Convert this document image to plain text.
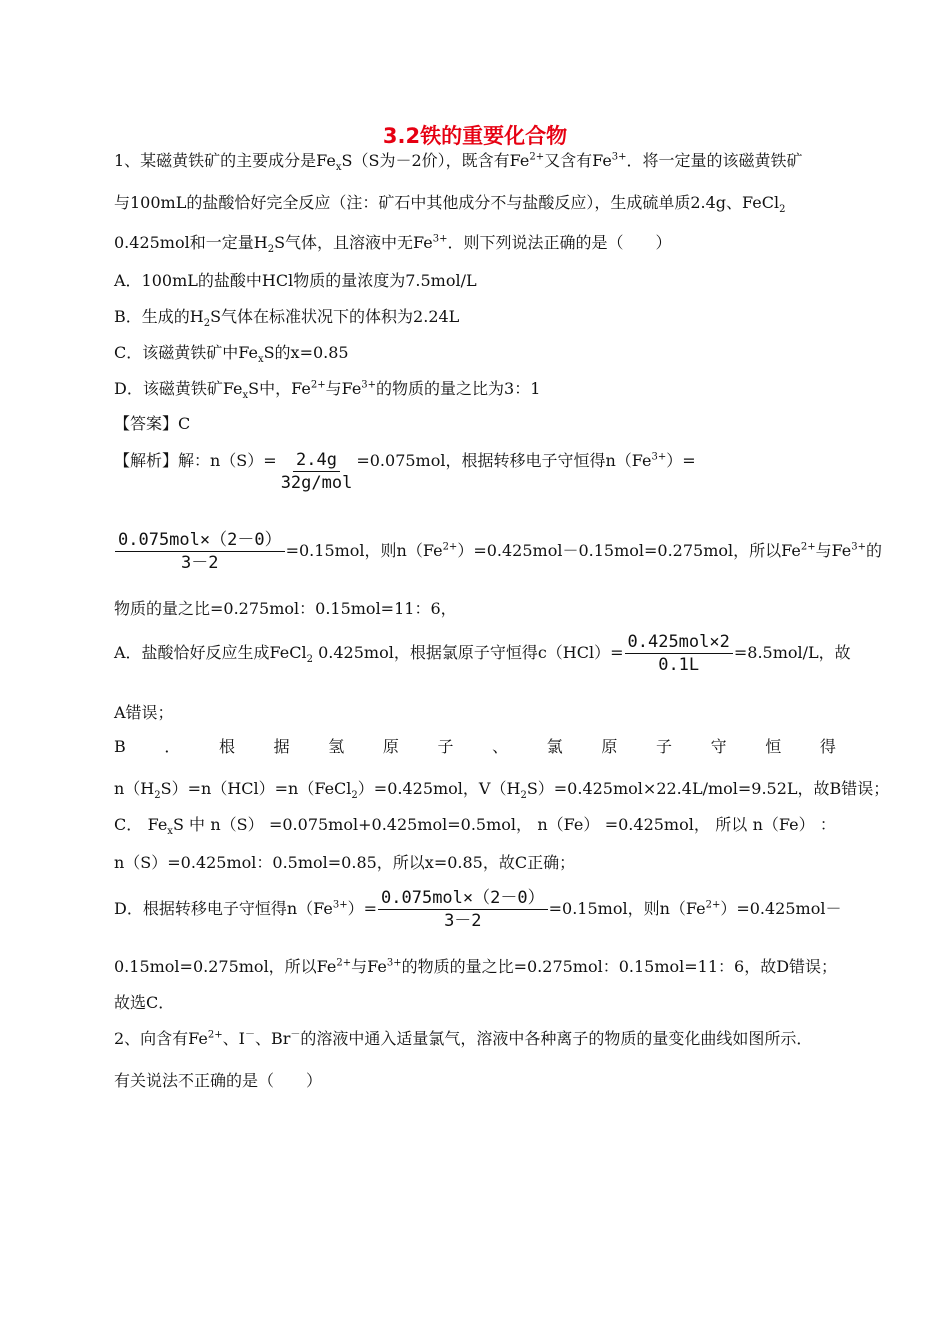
3.2铁的重要化合物
1、某磁黄铁矿的主要成分是$Fe_xS(S$为－2价），既含有$Fe^{2+}$又含有$Fe^{3+}$．将一定量的该磁黄铁矿
与100mL的盐酸恰好完全反应（注：矿石中其他成分不与盐酸反应），生成硫单质2.4g、FeCl$_2$
0.425mol和一定量$H_2S$气体，且溶液中无$Fe^{3+}$．则下列说法正确的是（　　）
A．100mL的盐酸中HCl物质的量浓度为7.5mol/L
B．生成的$H_2S$气体在标准状况下的体积为2.24L
C．该磁黄铁矿中$Fe_xS$的x=0.85
D．该磁黄铁矿$Fe_xS$中，$Fe^{2+}$与$Fe^{3+}$的物质的量之比为3：1
【答案】C
【解析】解：$n(S)= \frac{2.4g}{\text{32g/mol}} =0.075mol$，根据转移电子守恒得$n(Fe^{3+})=$
$\frac{\text{0.075mol×（2－0）}}{3-2} =0.15mol$，则$n(Fe^{2+})=0.425mol-0.15mol=0.275mol$，所以$Fe^{2+}$与$Fe^{3+}$的
物质的量之比=0.275mol：0.15mol=11：6，
A．盐酸恰好反应生成FeCl$_2$ 0.425mol，根据氯原子守恒得$c(HCl)= \frac{\text{0.425mol×2}}{0.1L} =8.5mol/L$，故
A错误；
B ． 根 据 氢 原 子 、 氯 原 子 守 恒 得
$n(H_2S)=n(HCl)=n(FeCl_2)=0.425mol$，$V(H_2S)=0.425mol\times 22.4L/mol=9.52L$，故B错误；
C． $Fe_xS$ 中 n（S） =0.075mol+0.425mol=0.5mol， n（Fe） =0.425mol， 所以 n（Fe） ：
n（S）=0.425mol：0.5mol=0.85，所以x=0.85，故C正确；
D．根据转移电子守恒得$n(Fe^{3+})= \frac{\text{0.075mol×（2－0）}}{3-2} =0.15mol$，则$n(Fe^{2+})=0.425mol-$
0.15mol=0.275mol，所以$Fe^{2+}$与$Fe^{3+}$的物质的量之比=0.275mol：0.15mol=11：6，故D错误；
故选C．
2、向含有$Fe^{2+}$、I－、Br－的溶液中通入适量氯气，溶液中各种离子的物质的量变化曲线如图所示．
有关说法不正确的是（　　）
